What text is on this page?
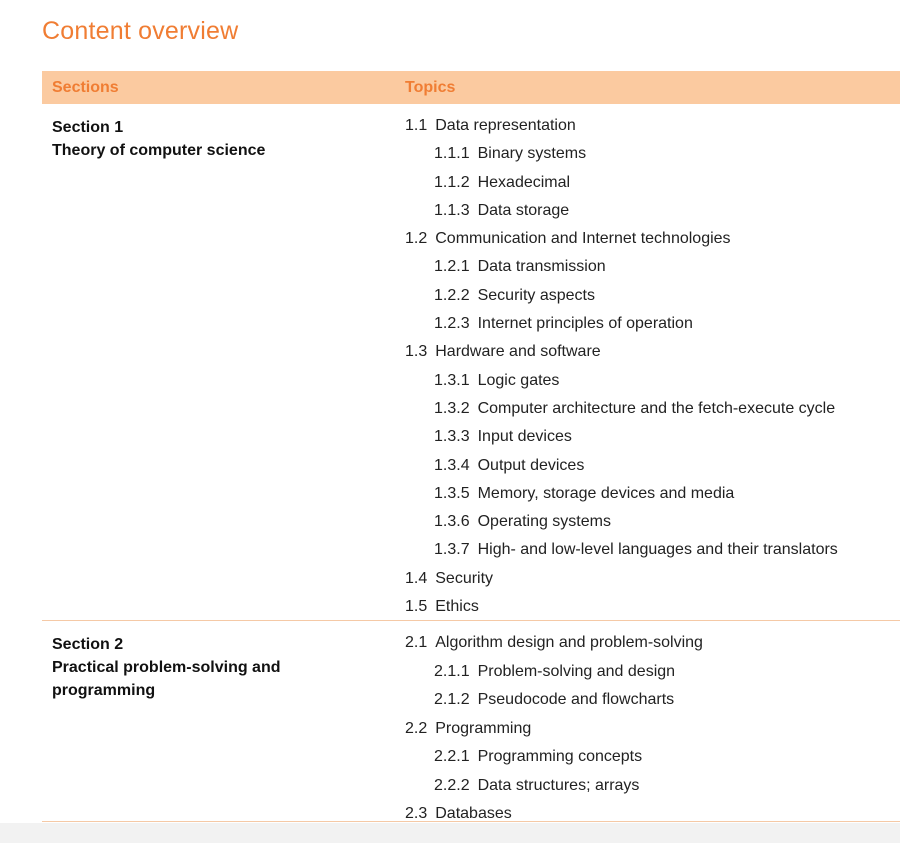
Content overview
Sections	Topics
Section 1
Theory of computer science
1.1 Data representation
1.1.1 Binary systems
1.1.2 Hexadecimal
1.1.3 Data storage
1.2 Communication and Internet technologies
1.2.1 Data transmission
1.2.2 Security aspects
1.2.3 Internet principles of operation
1.3 Hardware and software
1.3.1 Logic gates
1.3.2 Computer architecture and the fetch-execute cycle
1.3.3 Input devices
1.3.4 Output devices
1.3.5 Memory, storage devices and media
1.3.6 Operating systems
1.3.7 High- and low-level languages and their translators
1.4 Security
1.5 Ethics
Section 2
Practical problem-solving and programming
2.1 Algorithm design and problem-solving
2.1.1 Problem-solving and design
2.1.2 Pseudocode and flowcharts
2.2 Programming
2.2.1 Programming concepts
2.2.2 Data structures; arrays
2.3 Databases
